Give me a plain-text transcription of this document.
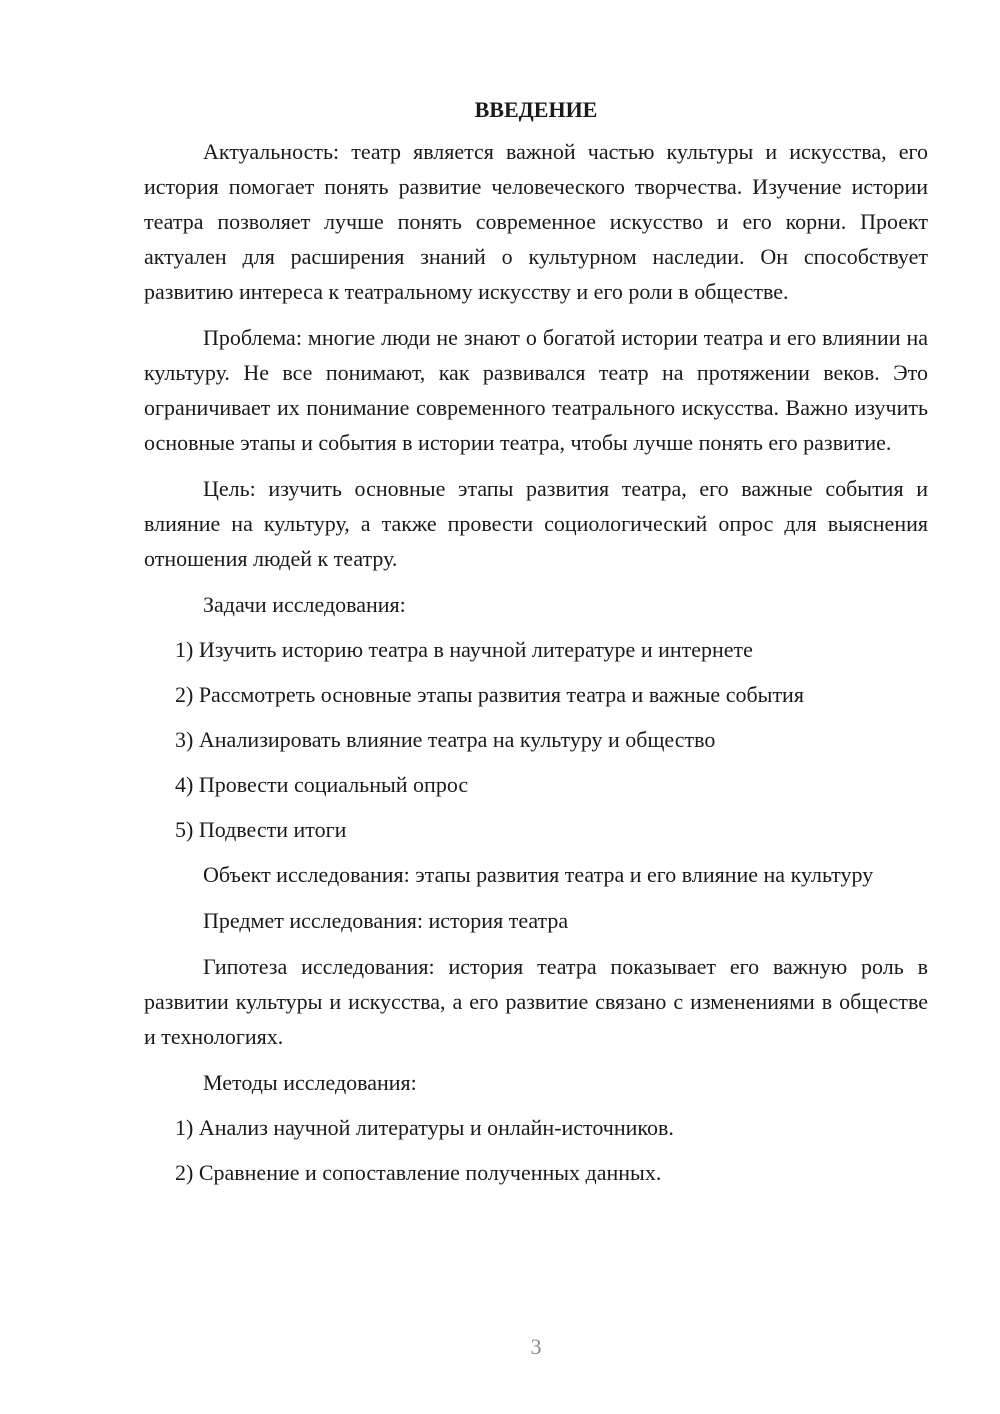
ВВЕДЕНИЕ

Актуальность: театр является важной частью культуры и искусства, его история помогает понять развитие человеческого творчества. Изучение истории театра позволяет лучше понять современное искусство и его корни. Проект актуален для расширения знаний о культурном наследии. Он способствует развитию интереса к театральному искусству и его роли в обществе.

Проблема: многие люди не знают о богатой истории театра и его влиянии на культуру. Не все понимают, как развивался театр на протяжении веков. Это ограничивает их понимание современного театрального искусства. Важно изучить основные этапы и события в истории театра, чтобы лучше понять его развитие.

Цель: изучить основные этапы развития театра, его важные события и влияние на культуру, а также провести социологический опрос для выяснения отношения людей к театру.

Задачи исследования:
1) Изучить историю театра в научной литературе и интернете
2) Рассмотреть основные этапы развития театра и важные события
3) Анализировать влияние театра на культуру и общество
4) Провести социальный опрос
5) Подвести итоги

Объект исследования: этапы развития театра и его влияние на культуру

Предмет исследования: история театра

Гипотеза исследования: история театра показывает его важную роль в развитии культуры и искусства, а его развитие связано с изменениями в обществе и технологиях.

Методы исследования:
1) Анализ научной литературы и онлайн-источников.
2) Сравнение и сопоставление полученных данных.
3
